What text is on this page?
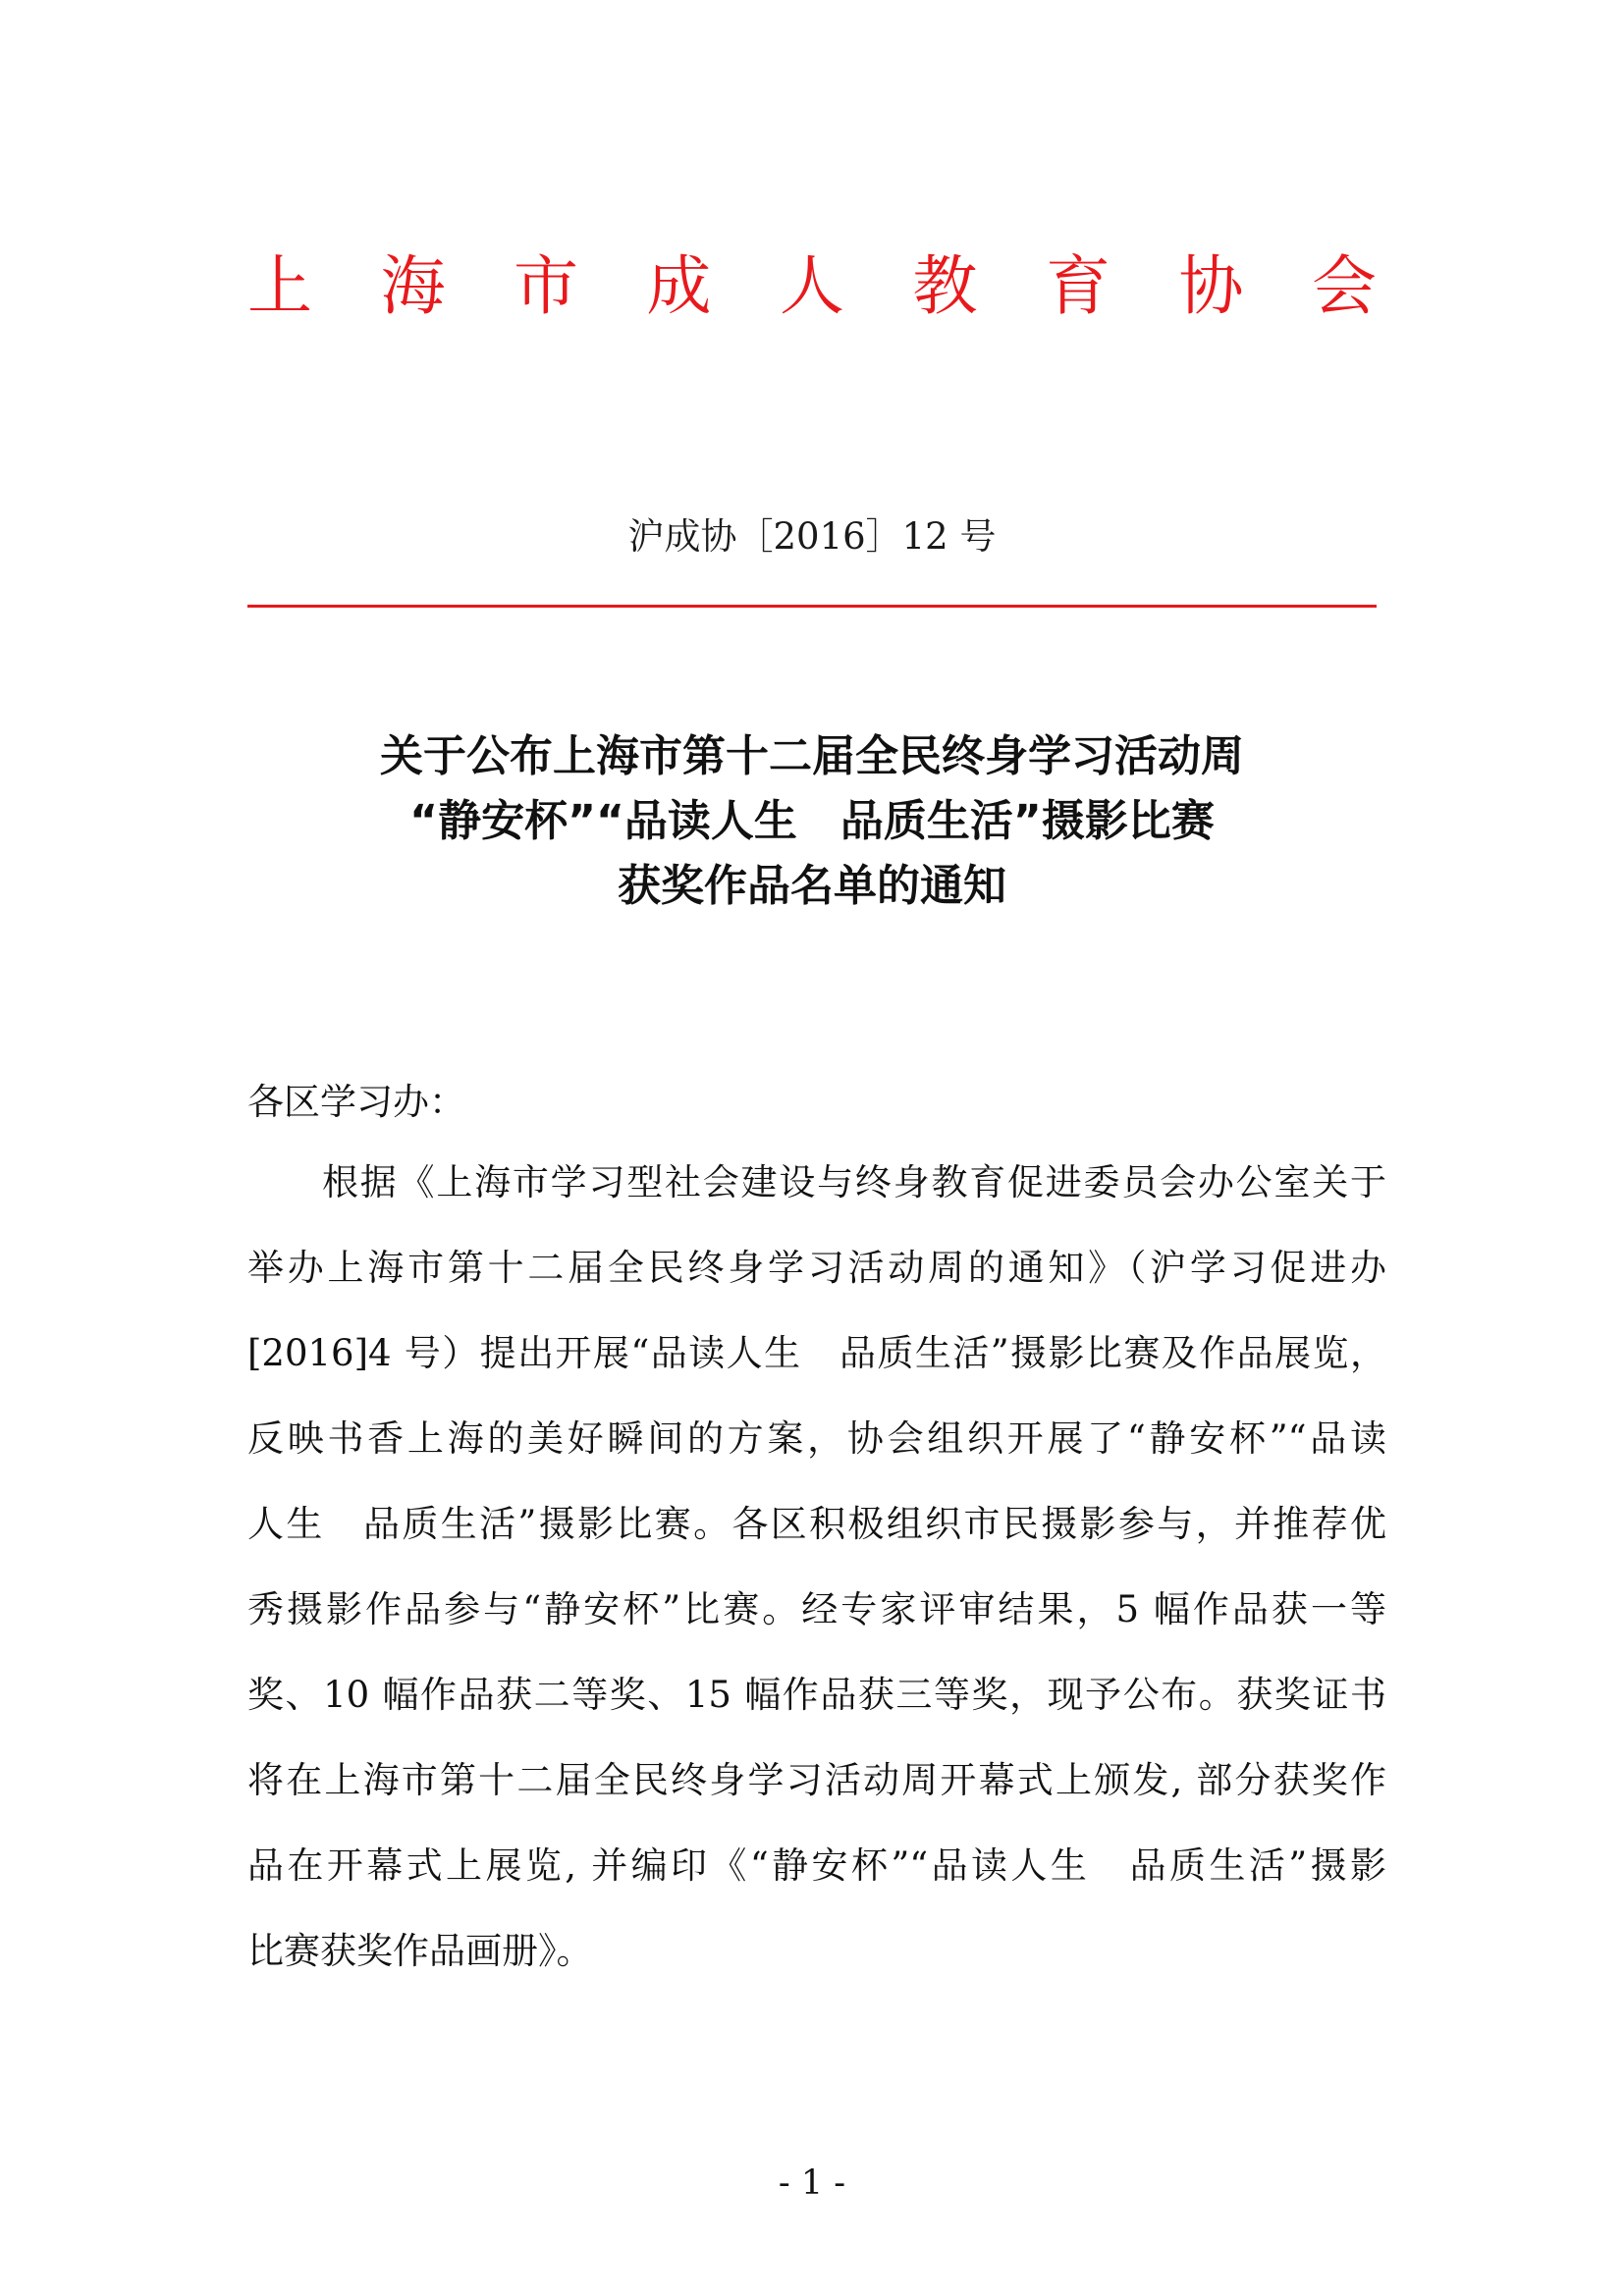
上 海 市 成 人 教 育 协 会
沪成协［2016］12 号
关于公布上海市第十二届全民终身学习活动周
“静安杯”“品读人生　品质生活”摄影比赛
获奖作品名单的通知
各区学习办：
根据《上海市学习型社会建设与终身教育促进委员会办公室关于
举办上海市第十二届全民终身学习活动周的通知》（沪学习促进办
[2016]4 号）提出开展“品读人生　品质生活”摄影比赛及作品展览，
反映书香上海的美好瞬间的方案，协会组织开展了“静安杯”“品读
人生　品质生活”摄影比赛。各区积极组织市民摄影参与，并推荐优
秀摄影作品参与“静安杯”比赛。经专家评审结果，5 幅作品获一等
奖、10 幅作品获二等奖、15 幅作品获三等奖，现予公布。获奖证书
将在上海市第十二届全民终身学习活动周开幕式上颁发, 部分获奖作
品在开幕式上展览, 并编印《“静安杯”“品读人生　品质生活”摄影
比赛获奖作品画册》。
- 1 -
